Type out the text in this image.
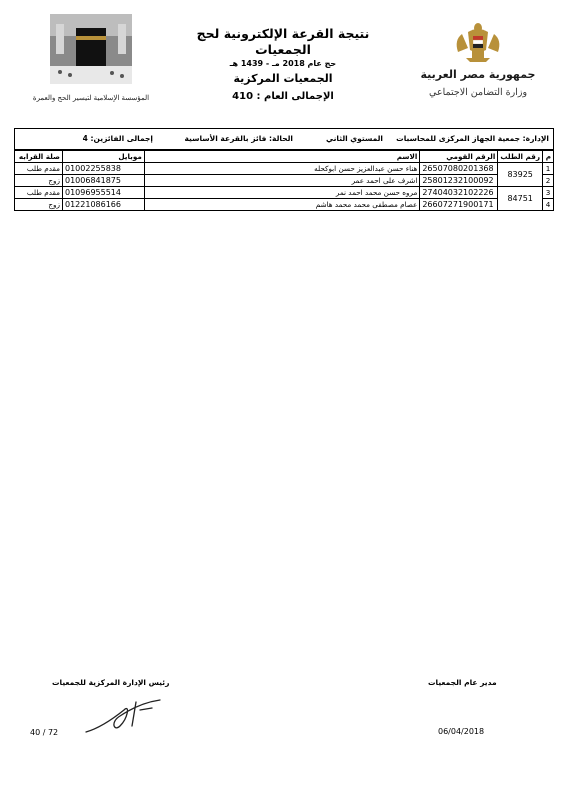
جمهورية مصر العربية
وزارة التضامن الاجتماعي
المؤسسة الإسلامية لتيسير الحج والعمرة
نتيجة القرعة الإلكترونية لحج الجمعيات
حج عام 2018 مـ - 1439 هـ
الجمعيات المركزية
الإجمالى العام : 410
الإدارة: جمعية الجهاز المركزى للمحاسبات
المستوي الثاني
الحالة: فائز بالقرعة الأساسية
إجمالى الفائزين: 4
م	رقم الطلب	الرقم القومي	الاسم	موبايل	صلة القرابه
1	83925	26507080201368	هناء حسن عبدالعزيز حسن ابوكحله	01002255838	مقدم طلب
2		25801232100092	اشرف على احمد عمر	01006841875	زوج
3	84751	27404032102226	مروه حسن محمد احمد نمر	01096955514	مقدم طلب
4		26607271900171	عصام مصطفى محمد محمد هاشم	01221086166	زوج
رئيس الإدارة المركزية للجمعيات	مدير عام الجمعيات
40 / 72	06/04/2018
